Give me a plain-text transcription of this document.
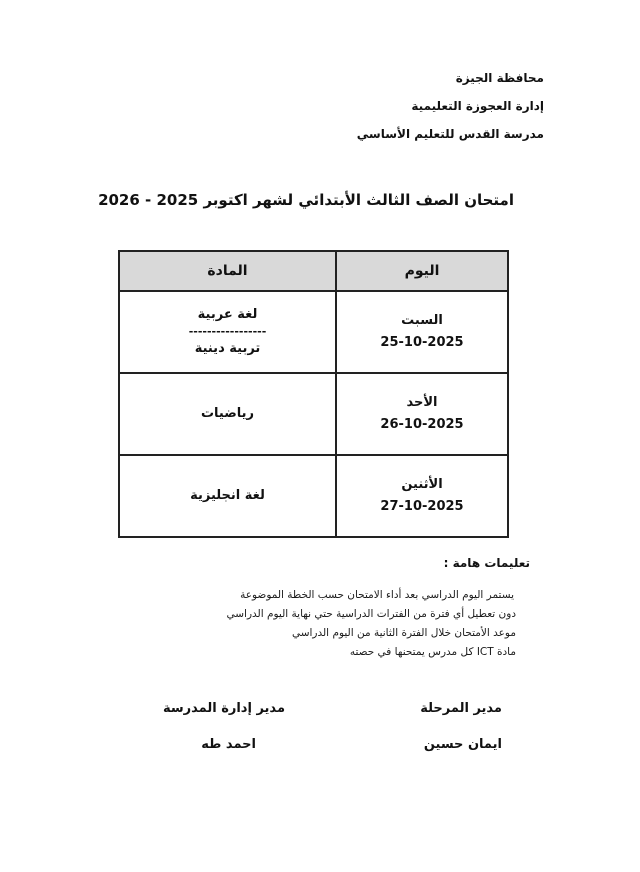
محافظة الجيزة
إدارة العجوزة التعليمية
مدرسة القدس للتعليم الأساسي
امتحان الصف الثالث الأبتدائي لشهر اكتوبر 2025 - 2026
اليوم	المادة

السبت
25-10-2025	لغة عربية
-----------------
تربية دينية

الأحد
26-10-2025	رياضيات

الأثنين
27-10-2025	لغة انجليزية
تعليمات هامة :
يستمر اليوم الدراسي بعد أداء الامتحان حسب الخطة الموضوعة
دون تعطيل أي فترة من الفترات الدراسية حتي نهاية اليوم الدراسي
موعد الأمتحان خلال الفترة الثانية من اليوم الدراسي
مادة ICT كل مدرس يمتحنها في حصته
مدير المرحلة
مدير إدارة المدرسة
ايمان حسين
احمد طه
